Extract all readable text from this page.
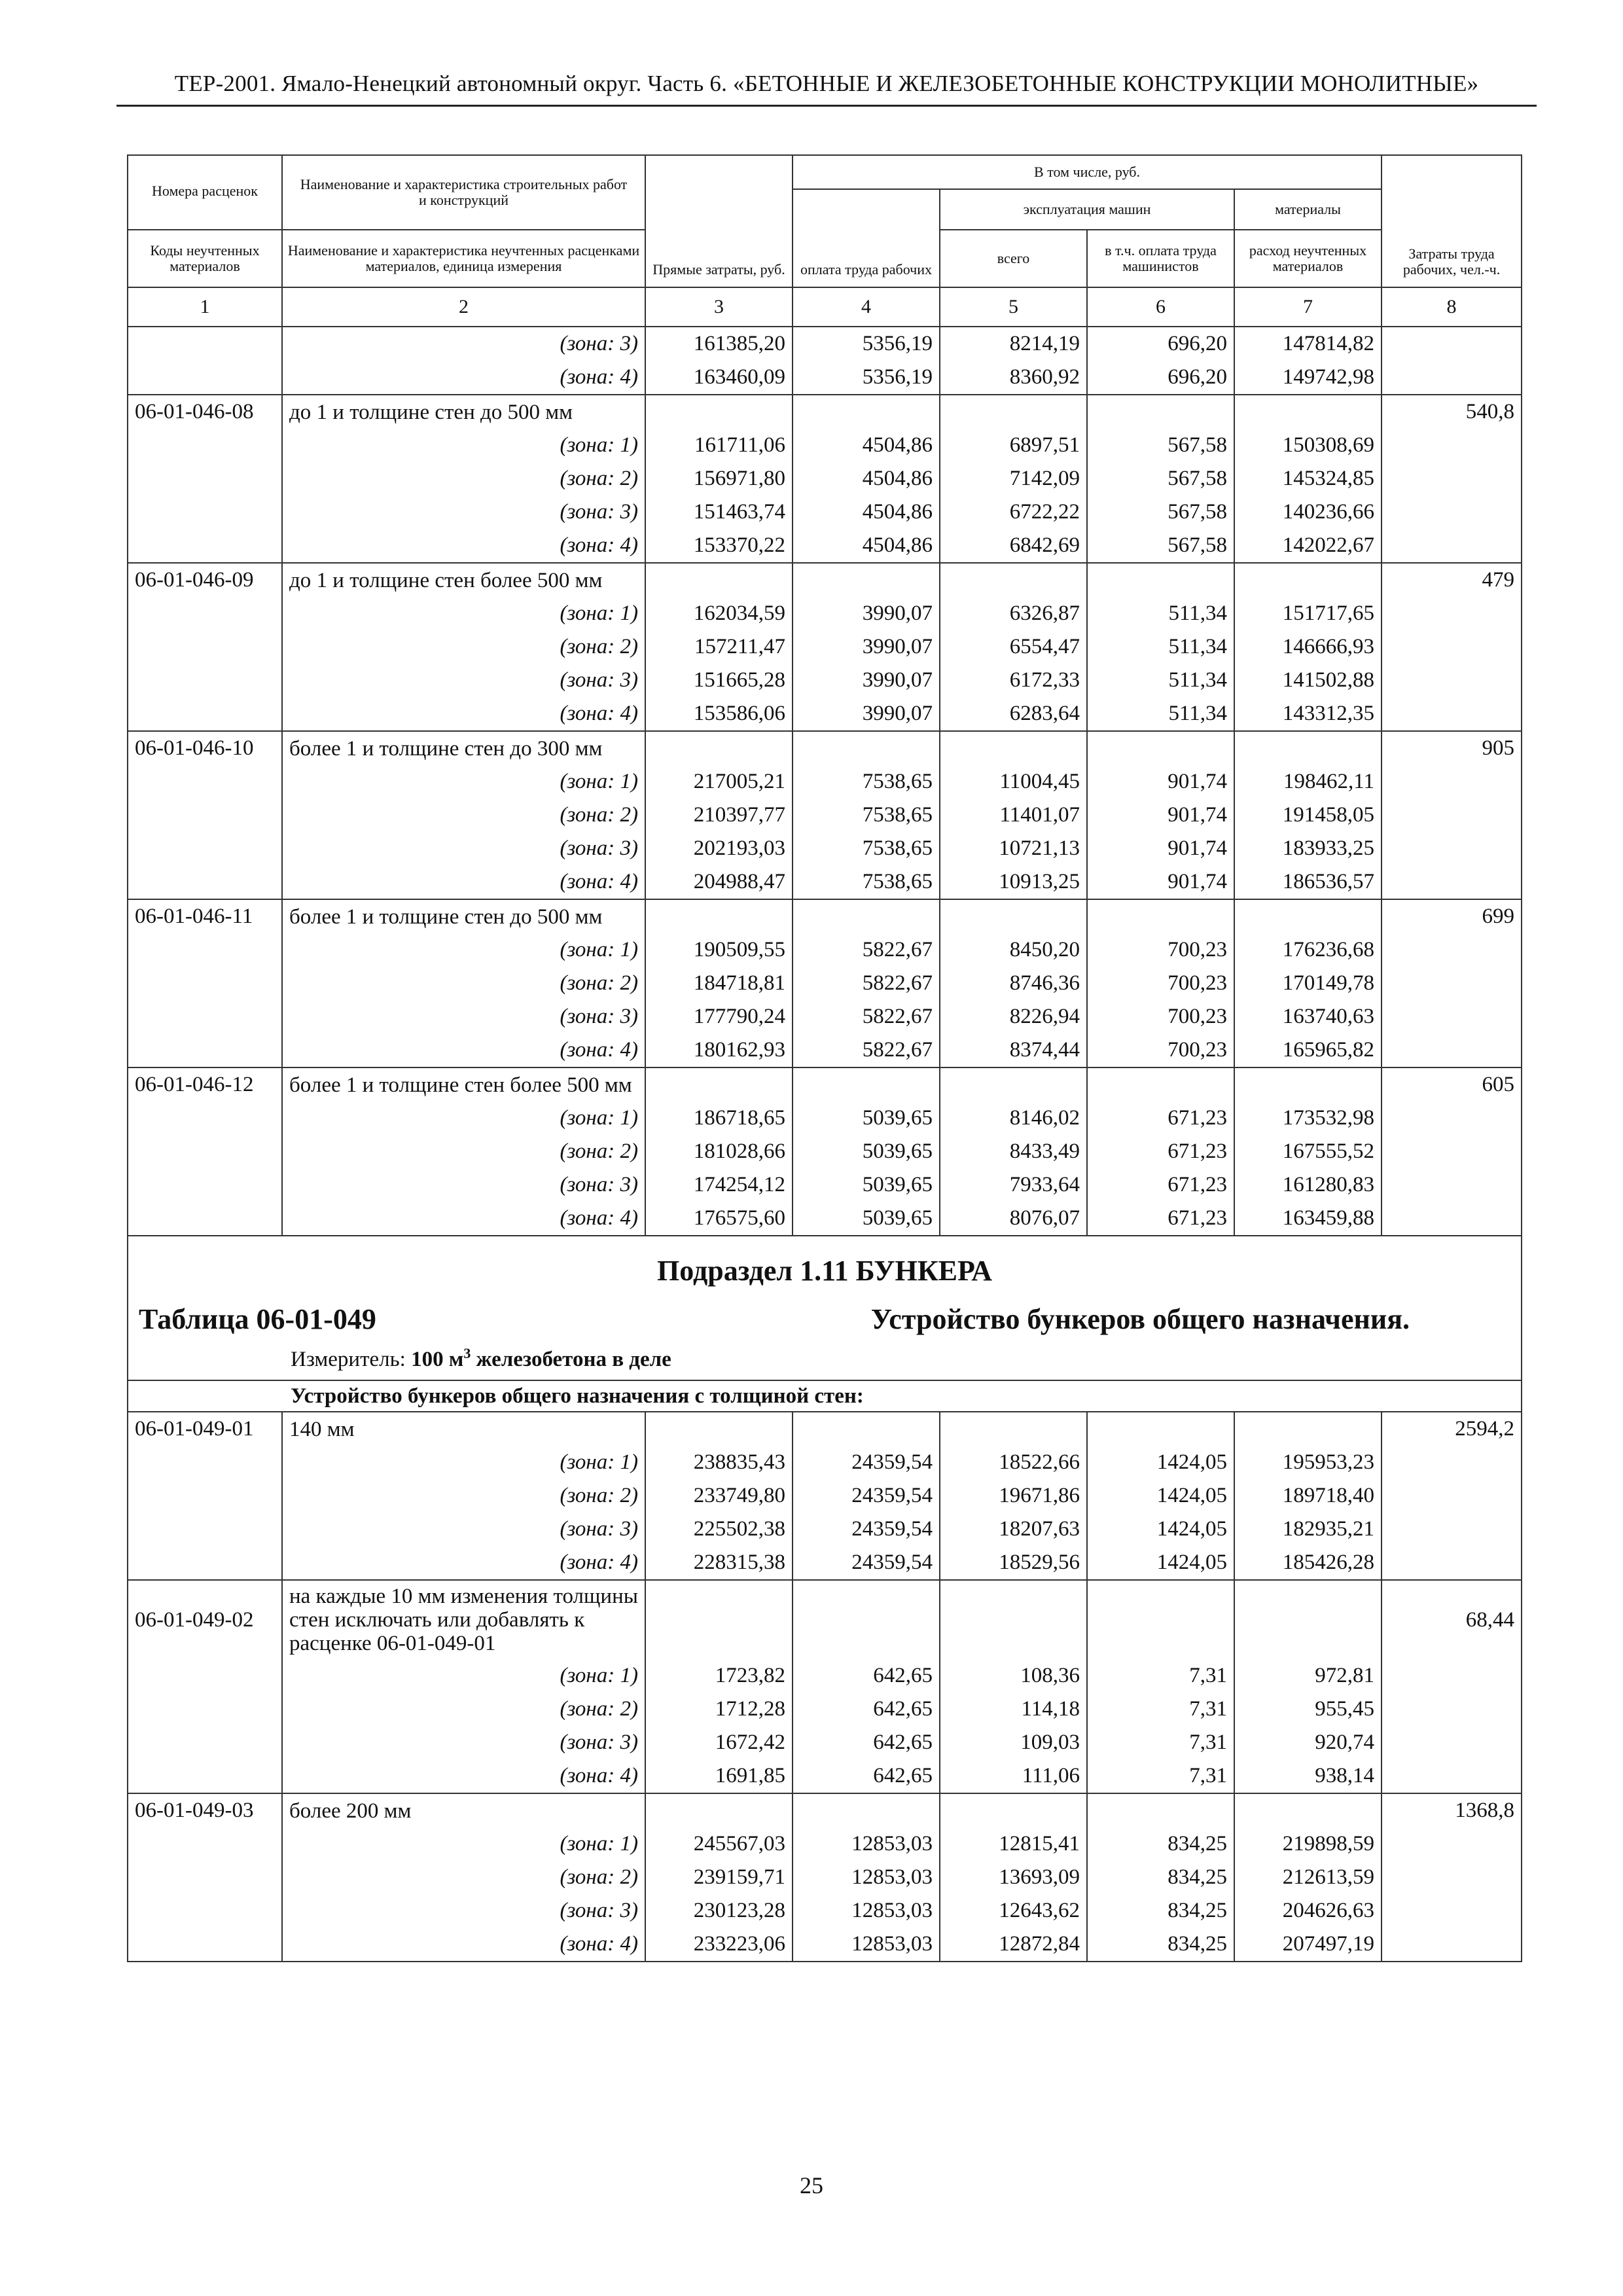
ТЕР-2001. Ямало-Ненецкий автономный округ. Часть 6. «БЕТОННЫЕ И ЖЕЛЕЗОБЕТОННЫЕ КОНСТРУКЦИИ МОНОЛИТНЫЕ»
Номера расценок	Наименование и характеристика строительных работ и конструкций	Прямые затраты, руб.	В том числе, руб.				Затраты труда рабочих, чел.-ч.
			оплата труда рабочих	эксплуатация машин		материалы	

Коды неучтенных материалов	Наименование и характеристика неучтенных расценками материалов, единица измерения			всего	в т.ч. оплата труда машинистов	расход неучтенных материалов	
1	2	3	4	5	6	7	8
	(зона: 3)	161385,20	5356,19	8214,19	696,20	147814,82	
	(зона: 4)	163460,09	5356,19	8360,92	696,20	149742,98	
06-01-046-08	до 1 и толщине стен до 500 мм						540,8
	(зона: 1)	161711,06	4504,86	6897,51	567,58	150308,69	
	(зона: 2)	156971,80	4504,86	7142,09	567,58	145324,85	
	(зона: 3)	151463,74	4504,86	6722,22	567,58	140236,66	
	(зона: 4)	153370,22	4504,86	6842,69	567,58	142022,67	
06-01-046-09	до 1 и толщине стен более 500 мм						479
	(зона: 1)	162034,59	3990,07	6326,87	511,34	151717,65	
	(зона: 2)	157211,47	3990,07	6554,47	511,34	146666,93	
	(зона: 3)	151665,28	3990,07	6172,33	511,34	141502,88	
	(зона: 4)	153586,06	3990,07	6283,64	511,34	143312,35	
06-01-046-10	более 1 и толщине стен до 300 мм						905
	(зона: 1)	217005,21	7538,65	11004,45	901,74	198462,11	
	(зона: 2)	210397,77	7538,65	11401,07	901,74	191458,05	
	(зона: 3)	202193,03	7538,65	10721,13	901,74	183933,25	
	(зона: 4)	204988,47	7538,65	10913,25	901,74	186536,57	
06-01-046-11	более 1 и толщине стен до 500 мм						699
	(зона: 1)	190509,55	5822,67	8450,20	700,23	176236,68	
	(зона: 2)	184718,81	5822,67	8746,36	700,23	170149,78	
	(зона: 3)	177790,24	5822,67	8226,94	700,23	163740,63	
	(зона: 4)	180162,93	5822,67	8374,44	700,23	165965,82	
06-01-046-12	более 1 и толщине стен более 500 мм						605
	(зона: 1)	186718,65	5039,65	8146,02	671,23	173532,98	
	(зона: 2)	181028,66	5039,65	8433,49	671,23	167555,52	
	(зона: 3)	174254,12	5039,65	7933,64	671,23	161280,83	
	(зона: 4)	176575,60	5039,65	8076,07	671,23	163459,88	

Подраздел 1.11 БУНКЕРА
Таблица 06-01-049 Устройство бункеров общего назначения.
Измеритель: 100 $м^3$ железобетона в деле							

Устройство бункеров общего назначения с толщиной стен:							
06-01-049-01	140 мм						2594,2
	(зона: 1)	238835,43	24359,54	18522,66	1424,05	195953,23	
	(зона: 2)	233749,80	24359,54	19671,86	1424,05	189718,40	
	(зона: 3)	225502,38	24359,54	18207,63	1424,05	182935,21	
	(зона: 4)	228315,38	24359,54	18529,56	1424,05	185426,28	
06-01-049-02	на каждые 10 мм изменения толщины стен исключать или добавлять к расценке 06-01-049-01						68,44
	(зона: 1)	1723,82	642,65	108,36	7,31	972,81	
	(зона: 2)	1712,28	642,65	114,18	7,31	955,45	
	(зона: 3)	1672,42	642,65	109,03	7,31	920,74	
	(зона: 4)	1691,85	642,65	111,06	7,31	938,14	
06-01-049-03	более 200 мм						1368,8
	(зона: 1)	245567,03	12853,03	12815,41	834,25	219898,59	
	(зона: 2)	239159,71	12853,03	13693,09	834,25	212613,59	
	(зона: 3)	230123,28	12853,03	12643,62	834,25	204626,63	
	(зона: 4)	233223,06	12853,03	12872,84	834,25	207497,19	
25
